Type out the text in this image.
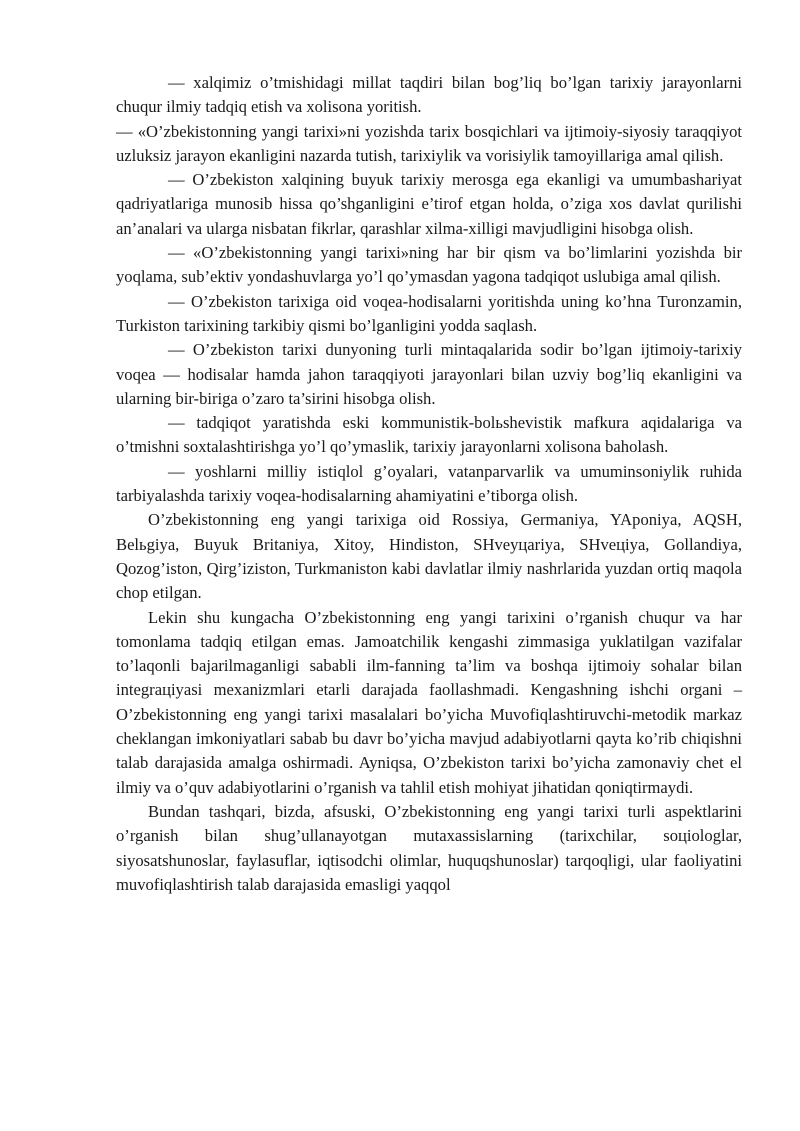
— xalqimiz o’tmishidagi millat taqdiri bilan bog’liq bo’lgan tarixiy jarayonlarni chuqur ilmiy tadqiq etish va xolisona yoritish.

— «O’zbekistonning yangi tarixi»ni yozishda tarix bosqichlari va ijtimoiy-siyosiy taraqqiyot uzluksiz jarayon ekanligini nazarda tutish, tarixiylik va vorisiylik tamoyillariga amal qilish.

— O’zbekiston xalqining buyuk tarixiy merosga ega ekanligi va umumbashariyat qadriyatlariga munosib hissa qo’shganligini e’tirof etgan holda, o’ziga xos davlat qurilishi an’analari va ularga nisbatan fikrlar, qarashlar xilma-xilligi mavjudligini hisobga olish.

— «O’zbekistonning yangi tarixi»ning har bir qism va bo’limlarini yozishda bir yoqlama, sub’ektiv yondashuvlarga yo’l qo’ymasdan yagona tadqiqot uslubiga amal qilish.

— O’zbekiston tarixiga oid voqea-hodisalarni yoritishda uning ko’hna Turonzamin, Turkiston tarixining tarkibiy qismi bo’lganligini yodda saqlash.

— O’zbekiston tarixi dunyoning turli mintaqalarida sodir bo’lgan ijtimoiy-tarixiy voqea — hodisalar hamda jahon taraqqiyoti jarayonlari bilan uzviy bog’liq ekanligini va ularning bir-biriga o’zaro ta’sirini hisobga olish.

— tadqiqot yaratishda eski kommunistik-bolьshevistik mafkura aqidalariga va o’tmishni soxtalashtirishga yo’l qo’ymaslik, tarixiy jarayonlarni xolisona baholash.

— yoshlarni milliy istiqlol g’oyalari, vatanparvarlik va umuminsoniylik ruhida tarbiyalashda tarixiy voqea-hodisalarning ahamiyatini e’tiborga olish.

O’zbekistonning eng yangi tarixiga oid Rossiya, Germaniya, YAponiya, AQSH, Belьgiya, Buyuk Britaniya, Xitoy, Hindiston, SHveyцariya, SHveцiya, Gollandiya, Qozog’iston, Qirg’iziston, Turkmaniston kabi davlatlar ilmiy nashrlarida yuzdan ortiq maqola chop etilgan.

Lekin shu kungacha O’zbekistonning eng yangi tarixini o’rganish chuqur va har tomonlama tadqiq etilgan emas. Jamoatchilik kengashi zimmasiga yuklatilgan vazifalar to’laqonli bajarilmaganligi sababli ilm-fanning ta’lim va boshqa ijtimoiy sohalar bilan integraцiyasi mexanizmlari etarli darajada faollashmadi. Kengashning ishchi organi – O’zbekistonning eng yangi tarixi masalalari bo’yicha Muvofiqlashtiruvchi-metodik markaz cheklangan imkoniyatlari sabab bu davr bo’yicha mavjud adabiyotlarni qayta ko’rib chiqishni talab darajasida amalga oshirmadi. Ayniqsa, O’zbekiston tarixi bo’yicha zamonaviy chet el ilmiy va o’quv adabiyotlarini o’rganish va tahlil etish mohiyat jihatidan qoniqtirmaydi.

Bundan tashqari, bizda, afsuski, O’zbekistonning eng yangi tarixi turli aspektlarini o’rganish bilan shug’ullanayotgan mutaxassislarning (tarixchilar, soцiologlar, siyosatshunoslar, faylasuflar, iqtisodchi olimlar, huquqshunoslar) tarqoqligi, ular faoliyatini muvofiqlashtirish talab darajasida emasligi yaqqol
